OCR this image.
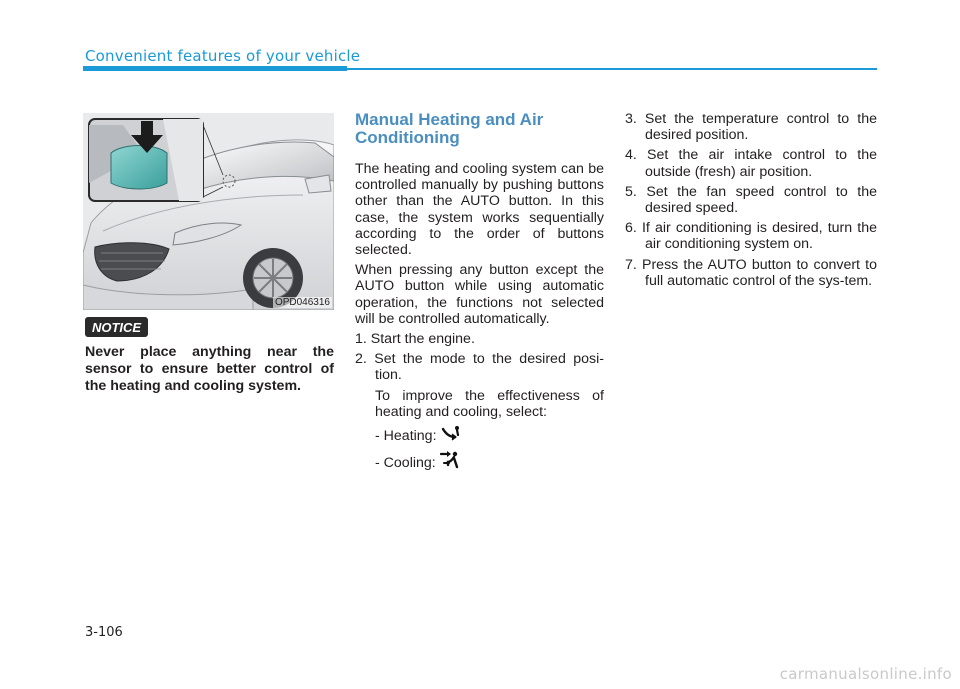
Convenient features of your vehicle
OPD046316
NOTICE
Never place anything near the sensor to ensure better control of the heating and cooling system.
Manual Heating and Air Conditioning

The heating and cooling system can be controlled manually by pushing buttons other than the AUTO button. In this case, the system works sequentially according to the order of buttons selected.

When pressing any button except the AUTO button while using automatic operation, the functions not selected will be controlled automatically.

1. Start the engine.
2. Set the mode to the desired posi-tion.
To improve the effectiveness of heating and cooling, select:
- Heating:
- Cooling:
3. Set the temperature control to the desired position.
4. Set the air intake control to the outside (fresh) air position.
5. Set the fan speed control to the desired speed.
6. If air conditioning is desired, turn the air conditioning system on.
7. Press the AUTO button to convert to full automatic control of the sys-tem.
3-106
carmanualsonline.info
